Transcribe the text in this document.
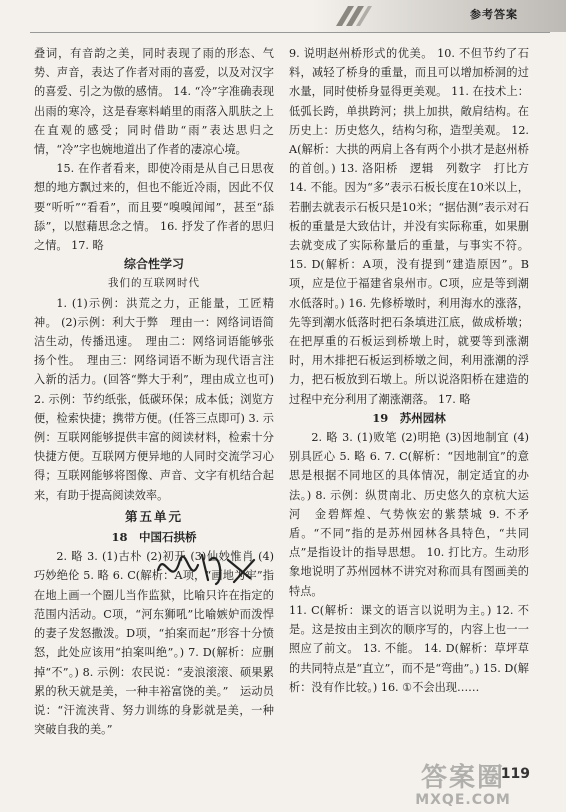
参考答案

叠词，有音韵之美，同时表现了雨的形态、气势、声音，表达了作者对雨的喜爱，以及对汉字的喜爱、引之为傲的感情。 14. “冷”字准确表现出雨的寒冷，这是春寒料峭里的雨落入肌肤之上在直观的感受；同时借助“雨”表达思归之情，“冷”字也婉地道出了作者的凄凉心境。

15. 在作者看来，即使冷雨是从自己日思夜想的地方飘过来的，但也不能近冷雨，因此不仅要“听听”“看看”，而且要“嗅嗅闻闻”，甚至“舔舔”，以慰藉思念之情。 16. 抒发了作者的思归之情。 17. 略

综合性学习

我们的互联网时代

1. (1)示例：洪荒之力，正能量，工匠精神。 (2)示例：利大于弊　理由一：网络词语简洁生动，传播迅速。　理由二：网络词语能够张扬个性。　理由三：网络词语不断为现代语言注入新的活力。(回答“弊大于利”，理由成立也可) 2. 示例：节约纸张，低碳环保；成本低；浏览方便，检索快捷；携带方便。(任答三点即可) 3. 示例：互联网能够提供丰富的阅读材料，检索十分快捷方便。互联网方便异地的人同时交流学习心得；互联网能够将图像、声音、文字有机结合起来，有助于提高阅读效率。

第五单元

18　中国石拱桥

2. 略 3. (1)古朴 (2)初开 (3)仙妙惟肖 (4)巧妙绝伦 5. 略 6. C(解析：A项，“画地为牢”指在地上画一个圈儿当作监狱，比喻只许在指定的范围内活动。C项，“河东狮吼”比喻嫉妒而泼悍的妻子发怒撒泼。D项，“拍案而起”形容十分愤怒，此处应该用“拍案叫绝”。) 7. D(解析：应删掉“不”。) 8. 示例：农民说：“麦浪滚滚、硕果累累的秋天就是美，一种丰裕富饶的美。”　运动员说：“汗流浃背、努力训练的身影就是美，一种突破自我的美。”

9. 说明赵州桥形式的优美。 10. 不但节约了石料，减轻了桥身的重量，而且可以增加桥洞的过水量，同时使桥身显得更美观。 11. 在技术上：低弧长跨，单拱跨河；拱上加拱，敞肩结构。在历史上：历史悠久，结构匀称，造型美观。 12. A(解析：大拱的两肩上各有两个小拱才是赵州桥的首创。) 13. 洛阳桥　逻辑　列数字　打比方 14. 不能。因为“多”表示石板长度在10米以上，若删去就表示石板只是10米；“据估测”表示对石板的重量是大致估计，并没有实际称重，如果删去就变成了实际称量后的重量，与事实不符。 15. D(解析：A项，没有提到“建造原因”。B项，应是位于福建省泉州市。C项，应是等到潮水低落时。) 16. 先修桥墩时，利用海水的涨落，先等到潮水低落时把石条填进江底，做成桥墩；在把厚重的石板运到桥墩上时，就要等到涨潮时，用木排把石板运到桥墩之间，利用涨潮的浮力，把石板放到石墩上。所以说洛阳桥在建造的过程中充分利用了潮涨潮落。 17. 略

19　苏州园林

2. 略 3. (1)败笔 (2)明艳 (3)因地制宜 (4)别具匠心 5. 略 6. 7. C(解析：“因地制宜”的意思是根据不同地区的具体情况，制定适宜的办法。) 8. 示例：纵贯南北、历史悠久的京杭大运河　金碧辉煌、气势恢宏的紫禁城 9. 不矛盾。“不同”指的是苏州园林各具特色，“共同点”是指设计的指导思想。 10. 打比方。生动形象地说明了苏州园林不讲究对称而具有图画美的特点。

11. C(解析：课文的语言以说明为主。) 12. 不是。这是按由主到次的顺序写的，内容上也一一照应了前文。 13. 不能。 14. D(解析：草坪草的共同特点是“直立”，而不是“弯曲”。) 15. D(解析：没有作比较。) 16. ①不会出现……

答案圈
MXQE.COM
119
